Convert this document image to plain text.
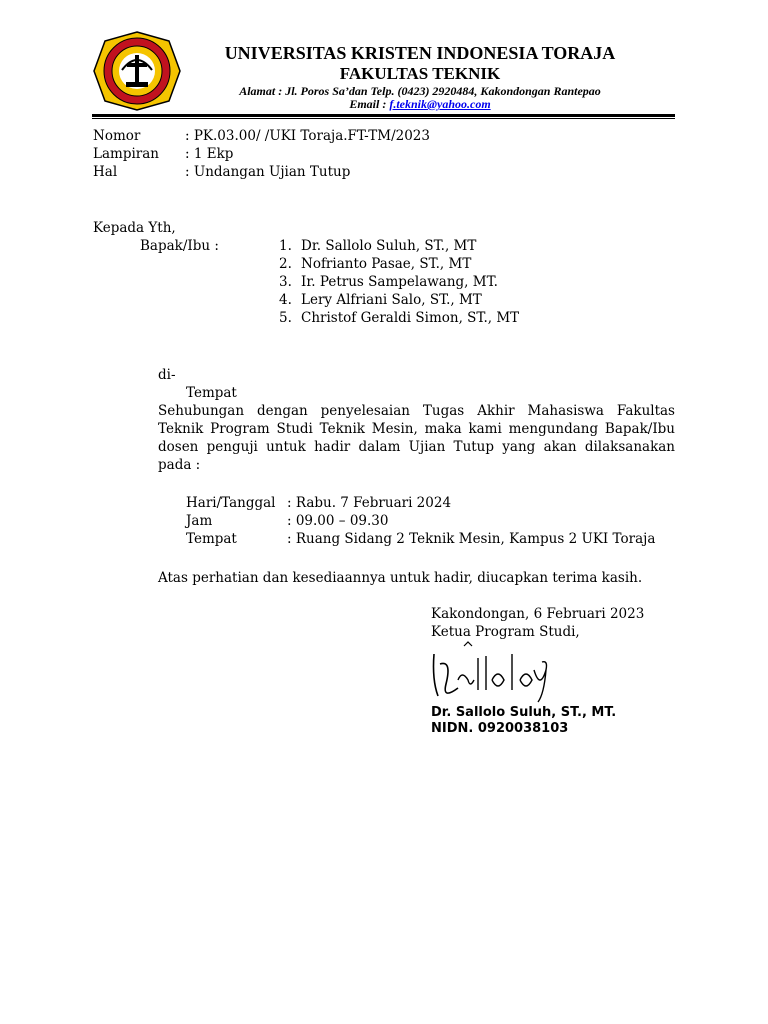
UNIVERSITAS KRISTEN INDONESIA TORAJA
FAKULTAS TEKNIK
Alamat : Jl. Poros Sa’dan Telp. (0423) 2920484, Kakondongan Rantepao
Email : f.teknik@yahoo.com
Nomor	: PK.03.00/ /UKI Toraja.FT-TM/2023
Lampiran : 1 Ekp
Hal	: Undangan Ujian Tutup
Kepada Yth,
Bapak/Ibu :	1. Dr. Sallolo Suluh, ST., MT
2. Nofrianto Pasae, ST., MT
3. Ir. Petrus Sampelawang, MT.
4. Lery Alfriani Salo, ST., MT
5. Christof Geraldi Simon, ST., MT
di-
Tempat
Sehubungan dengan penyelesaian Tugas Akhir Mahasiswa Fakultas
Teknik Program Studi Teknik Mesin, maka kami mengundang Bapak/Ibu
dosen penguji untuk hadir dalam Ujian Tutup yang akan dilaksanakan
pada :
Hari/Tanggal : Rabu. 7 Februari 2024
Jam	: 09.00 – 09.30
Tempat	: Ruang Sidang 2 Teknik Mesin, Kampus 2 UKI Toraja
Atas perhatian dan kesediaannya untuk hadir, diucapkan terima kasih.
Kakondongan, 6 Februari 2023
Ketua Program Studi,
Dr. Sallolo Suluh, ST., MT.
NIDN. 0920038103
